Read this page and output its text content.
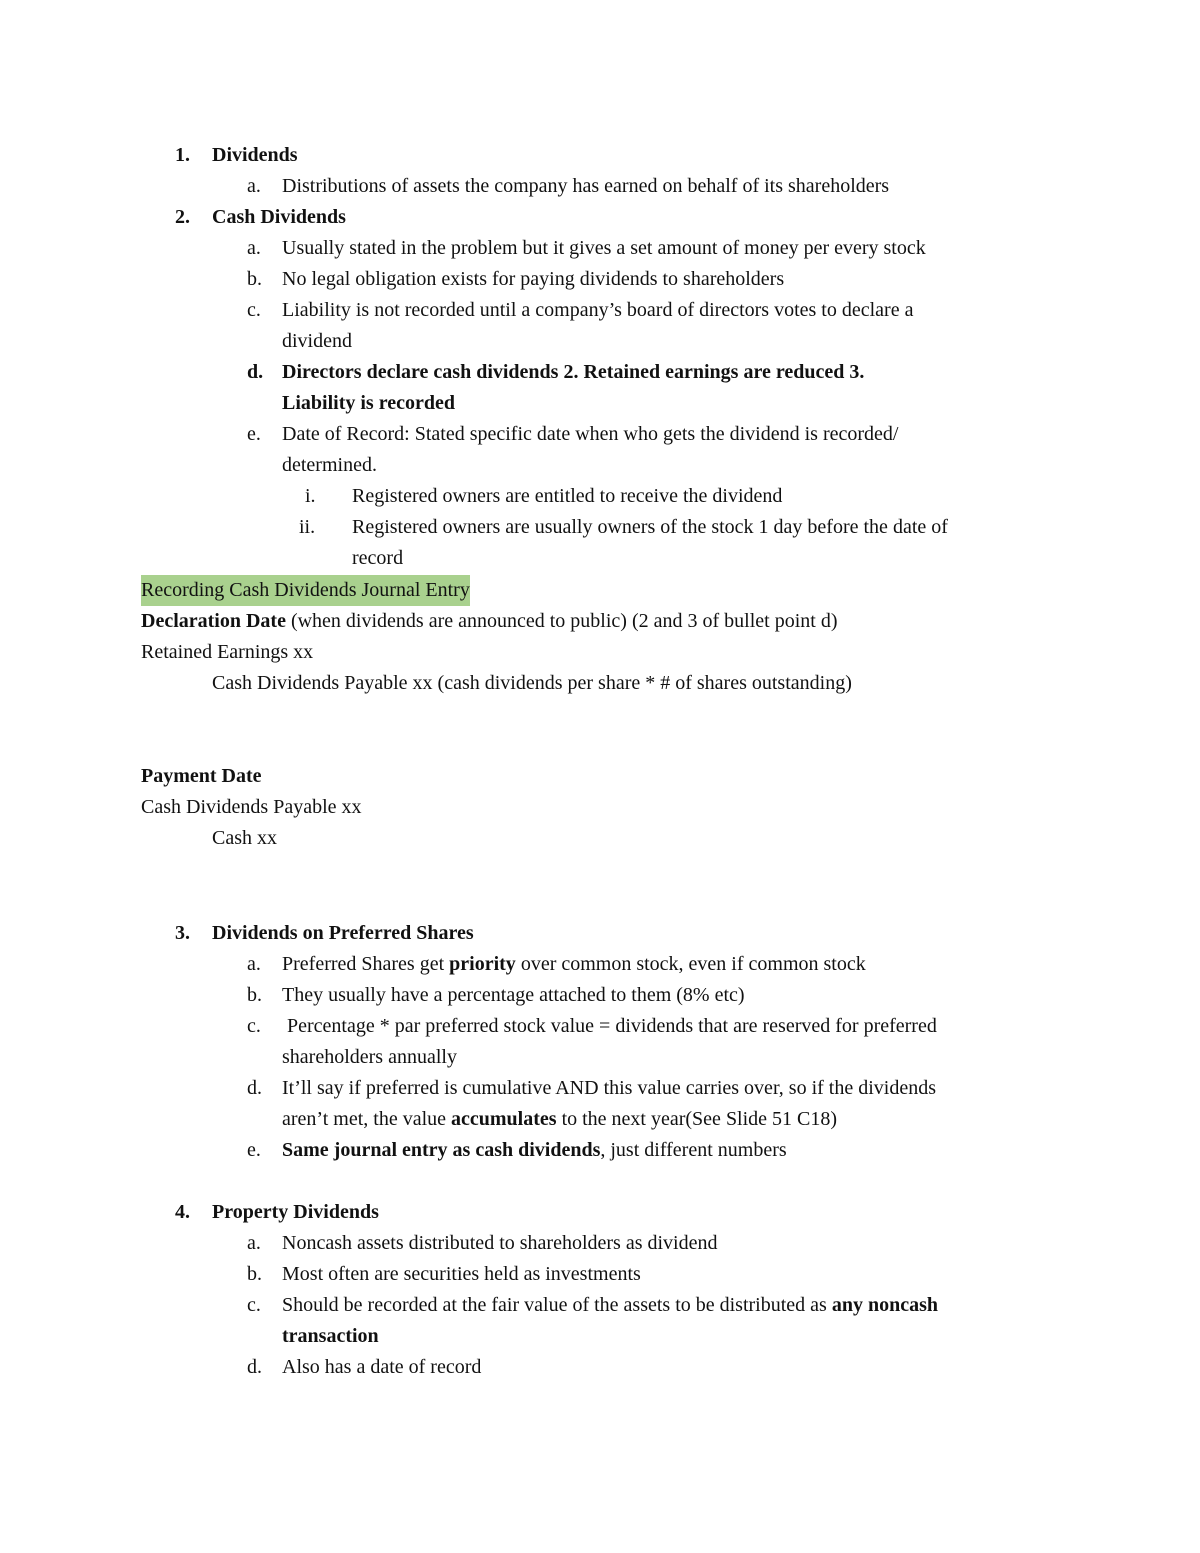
1. Dividends
a. Distributions of assets the company has earned on behalf of its shareholders
2. Cash Dividends
a. Usually stated in the problem but it gives a set amount of money per every stock
b. No legal obligation exists for paying dividends to shareholders
c. Liability is not recorded until a company’s board of directors votes to declare a
dividend
d. Directors declare cash dividends 2. Retained earnings are reduced 3.
Liability is recorded
e. Date of Record: Stated specific date when who gets the dividend is recorded/
determined.
i. Registered owners are entitled to receive the dividend
ii. Registered owners are usually owners of the stock 1 day before the date of
record
Recording Cash Dividends Journal Entry
Declaration Date (when dividends are announced to public) (2 and 3 of bullet point d)
Retained Earnings xx
Cash Dividends Payable xx (cash dividends per share * # of shares outstanding)
Payment Date
Cash Dividends Payable xx
Cash xx
3. Dividends on Preferred Shares
a. Preferred Shares get priority over common stock, even if common stock
b. They usually have a percentage attached to them (8% etc)
c. Percentage * par preferred stock value = dividends that are reserved for preferred
shareholders annually
d. It’ll say if preferred is cumulative AND this value carries over, so if the dividends
aren’t met, the value accumulates to the next year(See Slide 51 C18)
e. Same journal entry as cash dividends, just different numbers
4. Property Dividends
a. Noncash assets distributed to shareholders as dividend
b. Most often are securities held as investments
c. Should be recorded at the fair value of the assets to be distributed as any noncash
transaction
d. Also has a date of record
